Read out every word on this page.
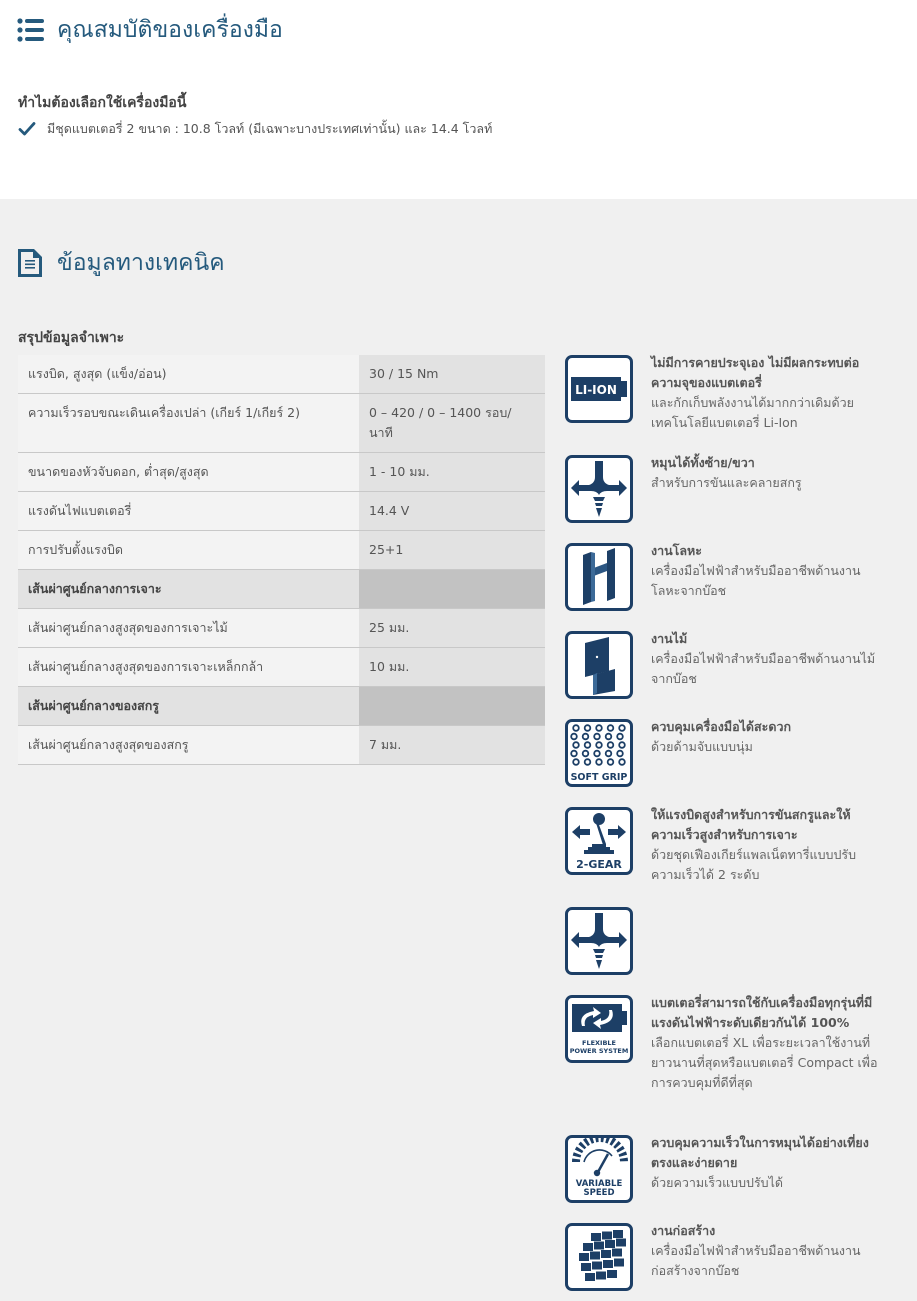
คุณสมบัติของเครื่องมือ
ทำไมต้องเลือกใช้เครื่องมือนี้
มีชุดแบตเตอรี่ 2 ขนาด : 10.8 โวลท์ (มีเฉพาะบางประเทศเท่านั้น) และ 14.4 โวลท์
ข้อมูลทางเทคนิค
สรุปข้อมูลจำเพาะ
แรงบิด, สูงสุด (แข็ง/อ่อน)	30 / 15 Nm
ความเร็วรอบขณะเดินเครื่องเปล่า (เกียร์ 1/เกียร์ 2)	0 – 420 / 0 – 1400 รอบ/นาที
ขนาดของหัวจับดอก, ต่ำสุด/สูงสุด	1 - 10 มม.
แรงดันไฟแบตเตอรี่	14.4 V
การปรับตั้งแรงบิด	25+1
เส้นผ่าศูนย์กลางการเจาะ	
เส้นผ่าศูนย์กลางสูงสุดของการเจาะไม้	25 มม.
เส้นผ่าศูนย์กลางสูงสุดของการเจาะเหล็กกล้า	10 มม.
เส้นผ่าศูนย์กลางของสกรู	
เส้นผ่าศูนย์กลางสูงสุดของสกรู	7 มม.
LI-ION
ไม่มีการคายประจุเอง ไม่มีผลกระทบต่อความจุของแบตเตอรี่
และกักเก็บพลังงานได้มากกว่าเดิมด้วยเทคโนโลยีแบตเตอรี่ Li-Ion
หมุนได้ทั้งซ้าย/ขวา
สำหรับการขันและคลายสกรู
งานโลหะ
เครื่องมือไฟฟ้าสำหรับมืออาชีพด้านงานโลหะจากบ๊อช
งานไม้
เครื่องมือไฟฟ้าสำหรับมืออาชีพด้านงานไม้จากบ๊อช
SOFT GRIP
ควบคุมเครื่องมือได้สะดวก
ด้วยด้ามจับแบบนุ่ม
2-GEAR
ให้แรงบิดสูงสำหรับการขันสกรูและให้ความเร็วสูงสำหรับการเจาะ
ด้วยชุดเฟืองเกียร์แพลเน็ตทารี่แบบปรับความเร็วได้ 2 ระดับ
FLEXIBLE
POWER SYSTEM
แบตเตอรี่สามารถใช้กับเครื่องมือทุกรุ่นที่มีแรงดันไฟฟ้าระดับเดียวกันได้ 100%
เลือกแบตเตอรี่ XL เพื่อระยะเวลาใช้งานที่ยาวนานที่สุดหรือแบตเตอรี่ Compact เพื่อการควบคุมที่ดีที่สุด
VARIABLE
SPEED
ควบคุมความเร็วในการหมุนได้อย่างเที่ยงตรงและง่ายดาย
ด้วยความเร็วแบบปรับได้
งานก่อสร้าง
เครื่องมือไฟฟ้าสำหรับมืออาชีพด้านงานก่อสร้างจากบ๊อช
